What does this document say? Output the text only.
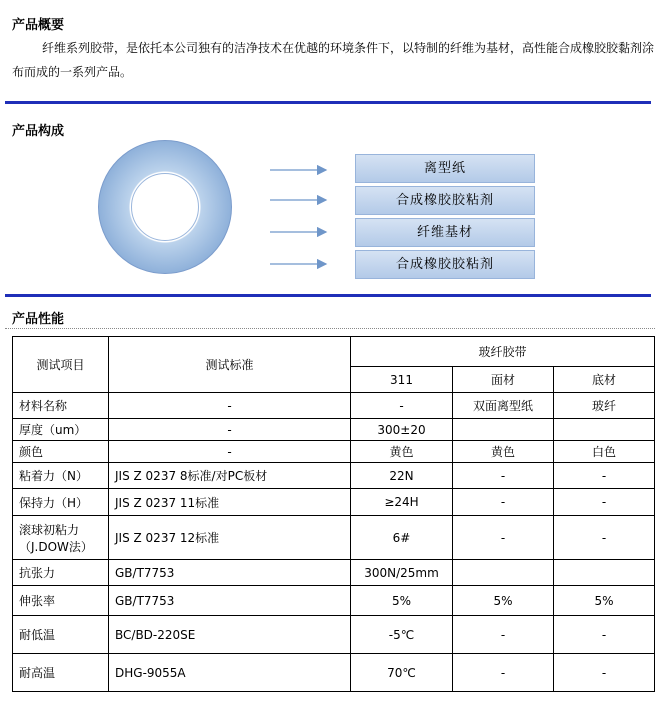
产品概要

纤维系列胶带，是依托本公司独有的洁净技术在优越的环境条件下，以特制的纤维为基材，高性能合成橡胶胶黏剂涂布而成的一系列产品。

产品构成
离型纸
合成橡胶胶粘剂
纤维基材
合成橡胶胶粘剂
产品性能
测试项目	测试标准	玻纤胶带		
		311	面材	底材
材料名称	-	-	双面离型纸	玻纤
厚度（um）	-	300±20		
颜色	-	黄色	黄色	白色
粘着力（N）	JIS Z 0237 8标准/对PC板材	22N	-	-
保持力（H）	JIS Z 0237 11标准	≥24H	-	-
滚球初粘力（J.DOW法）	JIS Z 0237 12标准	6#	-	-
抗张力	GB/T7753	300N/25mm		
伸张率	GB/T7753	5%	5%	5%
耐低温	BC/BD-220SE	-5℃	-	-
耐高温	DHG-9055A	70℃	-	-
